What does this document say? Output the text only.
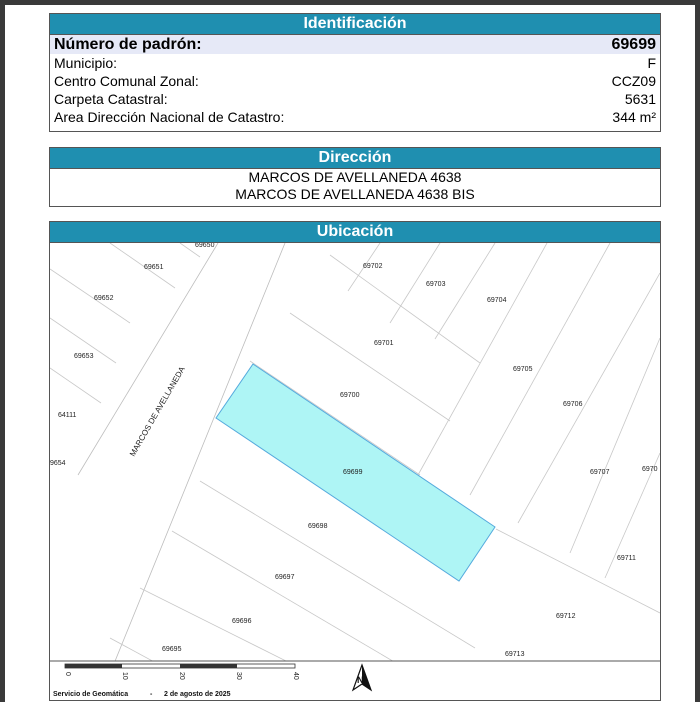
Identificación
Número de padrón:	69699
Municipio:	F
Centro Comunal Zonal:	CCZ09
Carpeta Catastral:	5631
Area Dirección Nacional de Catastro:	344 m²
Dirección
MARCOS DE AVELLANEDA 4638
MARCOS DE AVELLANEDA 4638 BIS
Ubicación
MARCOS DE AVELLANEDA
69650
69651
69652
69653
64111
9654
69702
69703
69704
69701
69700
69705
69706
69699	69707	6970
69698
69711
69697
69712
69696
69695
69713
0	10	20	30	40	N
Servicio de Geomática	- 2 de agosto de 2025
